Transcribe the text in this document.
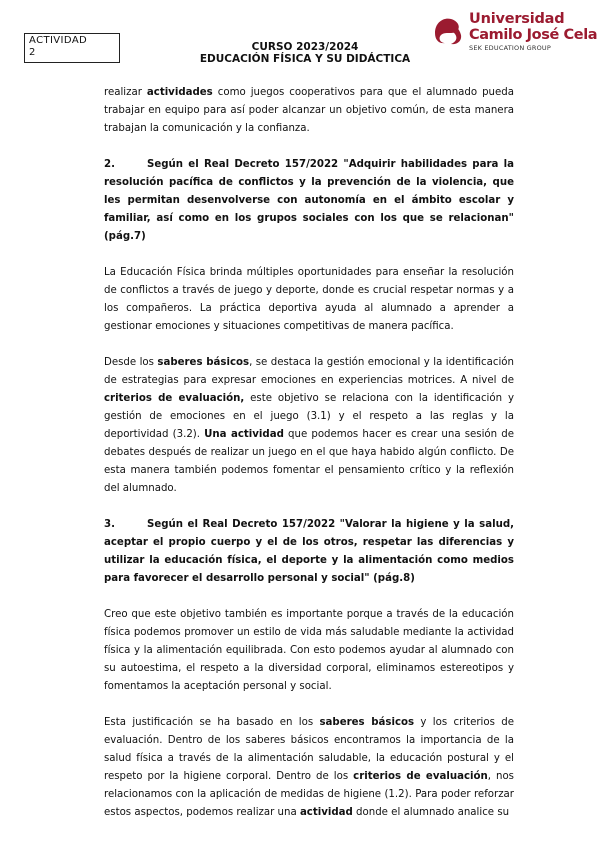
ACTIVIDAD
2	CURSO 2023/2024
EDUCACIÓN FÍSICA Y SU DIDÁCTICA
Universidad
Camilo José Cela
SEK EDUCATION GROUP

realizar actividades como juegos cooperativos para que el alumnado pueda trabajar en equipo para así poder alcanzar un objetivo común, de esta manera trabajan la comunicación y la confianza.

2.	Según el Real Decreto 157/2022 "Adquirir habilidades para la resolución pacífica de conflictos y la prevención de la violencia, que les permitan desenvolverse con autonomía en el ámbito escolar y familiar, así como en los grupos sociales con los que se relacionan" (pág.7)

La Educación Física brinda múltiples oportunidades para enseñar la resolución de conflictos a través de juego y deporte, donde es crucial respetar normas y a los compañeros. La práctica deportiva ayuda al alumnado a aprender a gestionar emociones y situaciones competitivas de manera pacífica.

Desde los saberes básicos, se destaca la gestión emocional y la identificación de estrategias para expresar emociones en experiencias motrices. A nivel de criterios de evaluación, este objetivo se relaciona con la identificación y gestión de emociones en el juego (3.1) y el respeto a las reglas y la deportividad (3.2). Una actividad que podemos hacer es crear una sesión de debates después de realizar un juego en el que haya habido algún conflicto. De esta manera también podemos fomentar el pensamiento crítico y la reflexión del alumnado.

3.	Según el Real Decreto 157/2022 "Valorar la higiene y la salud, aceptar el propio cuerpo y el de los otros, respetar las diferencias y utilizar la educación física, el deporte y la alimentación como medios para favorecer el desarrollo personal y social" (pág.8)

Creo que este objetivo también es importante porque a través de la educación física podemos promover un estilo de vida más saludable mediante la actividad física y la alimentación equilibrada. Con esto podemos ayudar al alumnado con su autoestima, el respeto a la diversidad corporal, eliminamos estereotipos y fomentamos la aceptación personal y social.

Esta justificación se ha basado en los saberes básicos y los criterios de evaluación. Dentro de los saberes básicos encontramos la importancia de la salud física a través de la alimentación saludable, la educación postural y el respeto por la higiene corporal. Dentro de los criterios de evaluación, nos relacionamos con la aplicación de medidas de higiene (1.2). Para poder reforzar estos aspectos, podemos realizar una actividad donde el alumnado analice su
